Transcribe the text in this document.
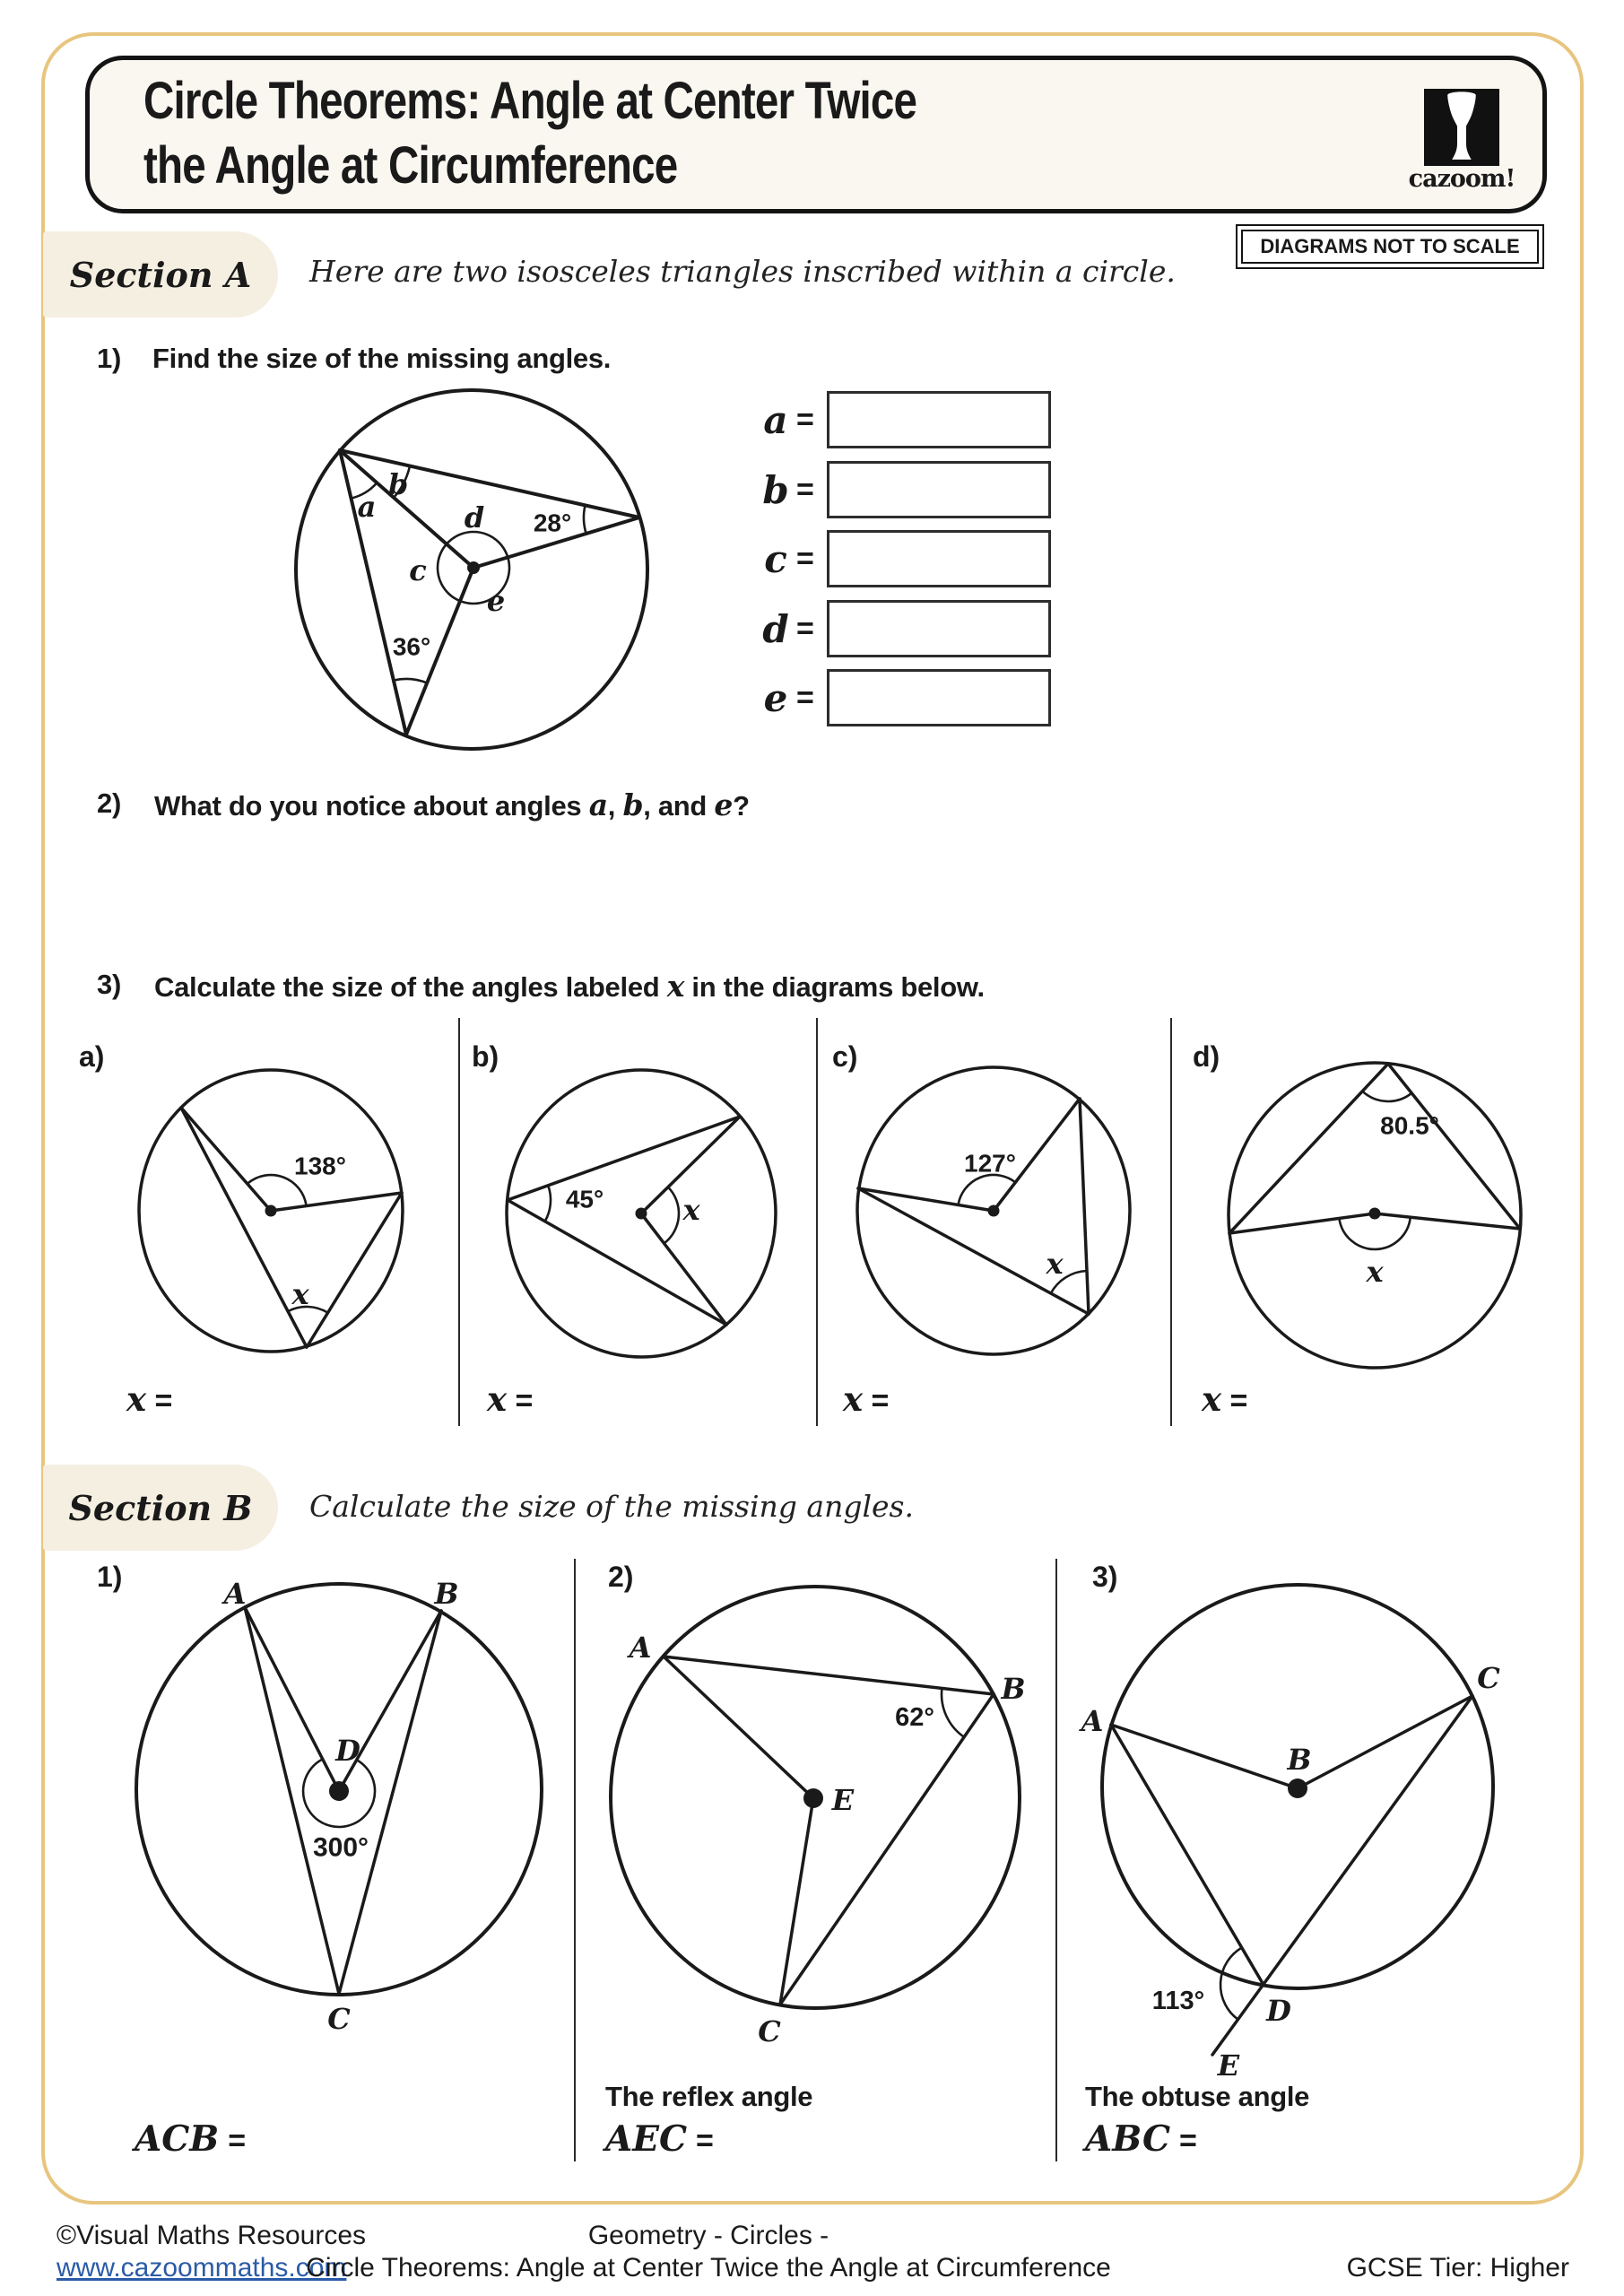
Circle Theorems: Angle at Center Twice
the Angle at Circumference	cazoom!
DIAGRAMS NOT TO SCALE
Section A Here are two isosceles triangles inscribed within a circle.
1) Find the size of the missing angles.
a
b
d
c
e
28°
36°
a =
b =
c =
d =
e =
2) What do you notice about angles a, b, and e?
3) Calculate the size of the angles labeled x in the diagrams below.
a)	b)	c)	d)
138°
x
45°	x
127°
x
80.5°
x
x =	x =	x =	x =
Section B Calculate the size of the missing angles.
1)	2)	3)
A	B
C
D
300°
A
B
E
C
62°	A
C
B
D
E
113°
The reflex angle	The obtuse angle
ACB =	AEC =	ABC =
©Visual Maths Resources
www.cazoommaths.com
Geometry - Circles -
Circle Theorems: Angle at Center Twice the Angle at Circumference	GCSE Tier: Higher
